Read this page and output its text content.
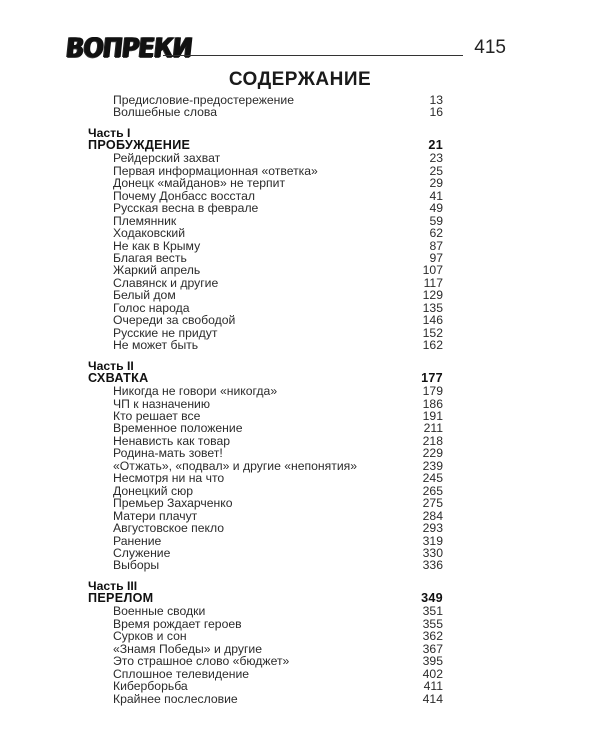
ВОПРЕКИ	415
СОДЕРЖАНИЕ
Предисловие-предостережение	13
Волшебные слова	16
Часть I
ПРОБУЖДЕНИЕ	21
Рейдерский захват	23
Первая информационная «ответка»	25
Донецк «майданов» не терпит	29
Почему Донбасс восстал	41
Русская весна в феврале	49
Племянник	59
Ходаковский	62
Не как в Крыму	87
Благая весть	97
Жаркий апрель	107
Славянск и другие	117
Белый дом	129
Голос народа	135
Очереди за свободой	146
Русские не придут	152
Не может быть	162
Часть II
СХВАТКА	177
Никогда не говори «никогда»	179
ЧП к назначению	186
Кто решает все	191
Временное положение	211
Ненависть как товар	218
Родина-мать зовет!	229
«Отжать», «подвал» и другие «непонятия»	239
Несмотря ни на что	245
Донецкий сюр	265
Премьер Захарченко	275
Матери плачут	284
Августовское пекло	293
Ранение	319
Служение	330
Выборы	336
Часть III
ПЕРЕЛОМ	349
Военные сводки	351
Время рождает героев	355
Сурков и сон	362
«Знамя Победы» и другие	367
Это страшное слово «бюджет»	395
Сплошное телевидение	402
Киберборьба	411
Крайнее послесловие	414
